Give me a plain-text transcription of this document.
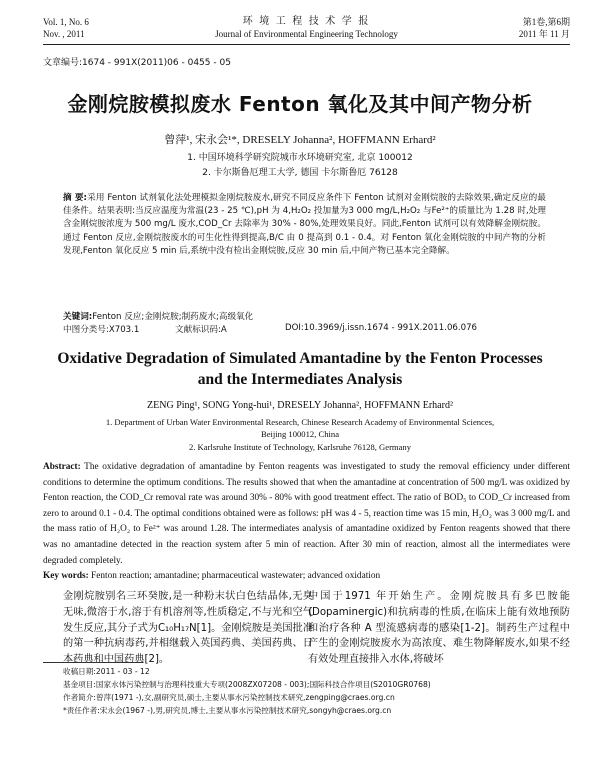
Vol. 1, No. 6
Nov. , 2011
环 境 工 程 技 术 学 报
Journal of Environmental Engineering Technology
第1卷,第6期
2011 年 11 月
文章编号:1674 - 991X(2011)06 - 0455 - 05
金刚烷胺模拟废水 Fenton 氧化及其中间产物分析
曾萍¹, 宋永会¹*, DRESELY Johanna², HOFFMANN Erhard²
1. 中国环境科学研究院城市水环境研究室, 北京 100012
2. 卡尔斯鲁厄理工大学, 德国 卡尔斯鲁厄 76128
摘 要:采用 Fenton 试剂氧化法处理模拟金刚烷胺废水,研究不同反应条件下 Fenton 试剂对金刚烷胺的去除效果,确定反应的最佳条件。结果表明:当反应温度为常温(23 - 25 ℃),pH 为 4,H₂O₂ 投加量为3 000 mg/L,H₂O₂ 与Fe²⁺的质量比为 1.28 时,处理含金刚烷胺浓度为 500 mg/L 废水,COD_Cr 去除率为 30% - 80%,处理效果良好。同此,Fenton 试剂可以有效降解金刚烷胺。通过 Fenton 反应,金刚烷胺废水的可生化性得到提高,B/C 由 0 提高到 0.1 - 0.4。对 Fenton 氧化金刚烷胺的中间产物的分析发现,Fenton 氧化反应 5 min 后,系统中没有检出金刚烷胺,反应 30 min 后,中间产物已基本完全降解。
关键词:Fenton 反应;金刚烷胺;制药废水;高级氧化
中图分类号:X703.1	文献标识码:A	DOI:10.3969/j.issn.1674 - 991X.2011.06.076
Oxidative Degradation of Simulated Amantadine by the Fenton Processes
and the Intermediates Analysis
ZENG Ping¹, SONG Yong-hui¹, DRESELY Johanna², HOFFMANN Erhard²
1. Department of Urban Water Environmental Research, Chinese Research Academy of Environmental Sciences,
Beijing 100012, China
2. Karlsruhe Institute of Technology, Karlsruhe 76128, Germany
Abstract: The oxidative degradation of amantadine by Fenton reagents was investigated to study the removal efficiency under different conditions to determine the optimum conditions. The results showed that when the amantadine at concentration of 500 mg/L was oxidized by Fenton reaction, the COD_Cr removal rate was around 30% - 80% with good treatment effect. The ratio of BOD₅ to COD_Cr increased from zero to around 0.1 - 0.4. The optimal conditions obtained were as follows: pH was 4 - 5, reaction time was 15 min, H₂O₂ was 3 000 mg/L and the mass ratio of H₂O₂ to Fe²⁺ was around 1.28. The intermediates analysis of amantadine oxidized by Fenton reagents showed that there was no amantadine detected in the reaction system after 5 min of reaction. After 30 min of reaction, almost all the intermediates were degraded completely.
Key words: Fenton reaction; amantadine; pharmaceutical wastewater; advanced oxidation
金刚烷胺别名三环癸胺,是一种粉末状白色结晶体,无臭无味,微溶于水,溶于有机溶剂等,性质稳定,不与光和空气发生反应,其分子式为C₁₀H₁₇N[1]。金刚烷胺是美国批准的第一种抗病毒药,并相继载入英国药典、美国药典、日本药典和中国药典[2]。
中国于1971 年开始生产。金刚烷胺具有多巴胺能(Dopaminergic)和抗病毒的性质,在临床上能有效地预防和治疗各种 A 型流感病毒的感染[1-2]。制药生产过程中产生的金刚烷胺废水为高浓度、难生物降解废水,如果不经有效处理直接排入水体,将破坏
收稿日期:2011 - 03 - 12
基金项目:国家水体污染控制与治理科技重大专项(2008ZX07208 - 003);国际科技合作项目(S2010GR0768)
作者简介:曾萍(1971 -),女,副研究员,硕士,主要从事水污染控制技术研究,zengping@craes.org.cn
*责任作者:宋永会(1967 -),男,研究员,博士,主要从事水污染控制技术研究,songyh@craes.org.cn
